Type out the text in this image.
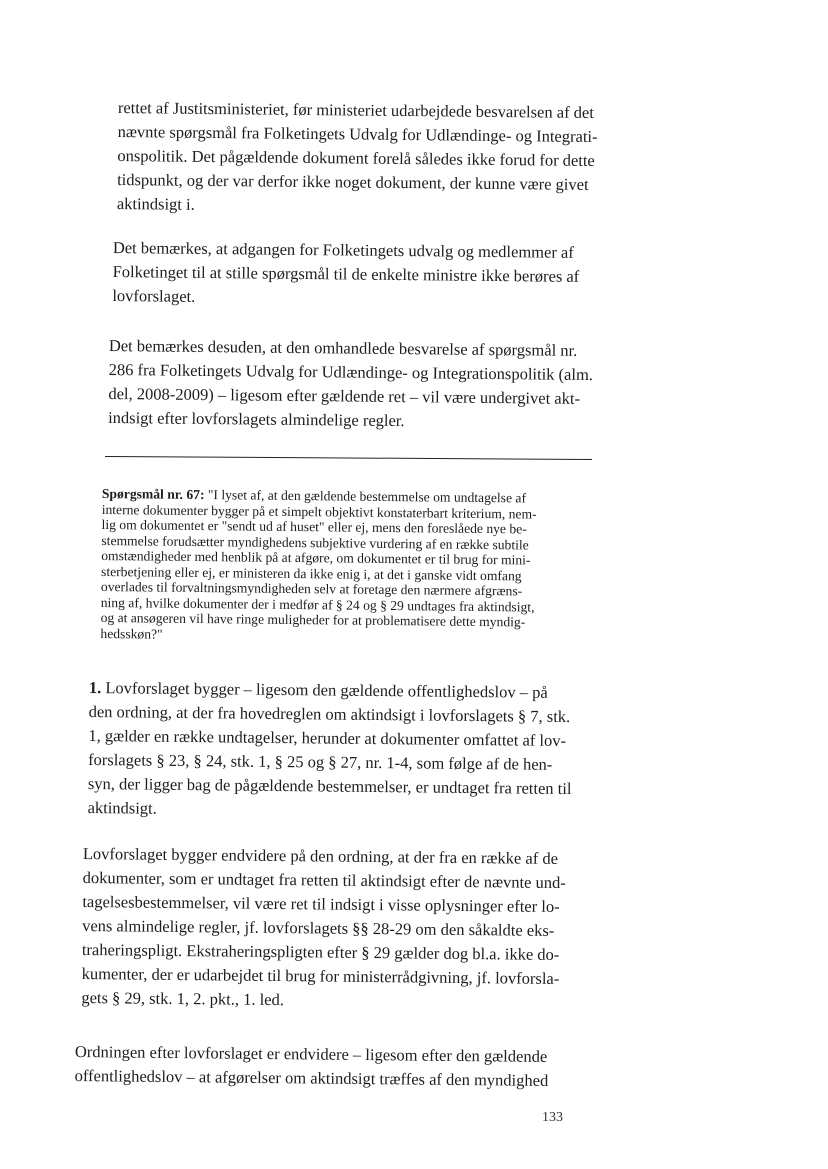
rettet af Justitsministeriet, før ministeriet udarbejdede besvarelsen af det
nævnte spørgsmål fra Folketingets Udvalg for Udlændinge- og Integrati-
onspolitik. Det pågældende dokument forelå således ikke forud for dette
tidspunkt, og der var derfor ikke noget dokument, der kunne være givet
aktindsigt i.
Det bemærkes, at adgangen for Folketingets udvalg og medlemmer af
Folketinget til at stille spørgsmål til de enkelte ministre ikke berøres af
lovforslaget.
Det bemærkes desuden, at den omhandlede besvarelse af spørgsmål nr.
286 fra Folketingets Udvalg for Udlændinge- og Integrationspolitik (alm.
del, 2008-2009) – ligesom efter gældende ret – vil være undergivet akt-
indsigt efter lovforslagets almindelige regler.
Spørgsmål nr. 67: "I lyset af, at den gældende bestemmelse om undtagelse af
interne dokumenter bygger på et simpelt objektivt konstaterbart kriterium, nem-
lig om dokumentet er "sendt ud af huset" eller ej, mens den foreslåede nye be-
stemmelse forudsætter myndighedens subjektive vurdering af en række subtile
omstændigheder med henblik på at afgøre, om dokumentet er til brug for mini-
sterbetjening eller ej, er ministeren da ikke enig i, at det i ganske vidt omfang
overlades til forvaltningsmyndigheden selv at foretage den nærmere afgræns-
ning af, hvilke dokumenter der i medfør af § 24 og § 29 undtages fra aktindsigt,
og at ansøgeren vil have ringe muligheder for at problematisere dette myndig-
hedsskøn?"
1. Lovforslaget bygger – ligesom den gældende offentlighedslov – på
den ordning, at der fra hovedreglen om aktindsigt i lovforslagets § 7, stk.
1, gælder en række undtagelser, herunder at dokumenter omfattet af lov-
forslagets § 23, § 24, stk. 1, § 25 og § 27, nr. 1-4, som følge af de hen-
syn, der ligger bag de pågældende bestemmelser, er undtaget fra retten til
aktindsigt.
Lovforslaget bygger endvidere på den ordning, at der fra en række af de
dokumenter, som er undtaget fra retten til aktindsigt efter de nævnte und-
tagelsesbestemmelser, vil være ret til indsigt i visse oplysninger efter lo-
vens almindelige regler, jf. lovforslagets §§ 28-29 om den såkaldte eks-
traheringspligt. Ekstraheringspligten efter § 29 gælder dog bl.a. ikke do-
kumenter, der er udarbejdet til brug for ministerrådgivning, jf. lovforsla-
gets § 29, stk. 1, 2. pkt., 1. led.
Ordningen efter lovforslaget er endvidere – ligesom efter den gældende
offentlighedslov – at afgørelser om aktindsigt træffes af den myndighed
133
